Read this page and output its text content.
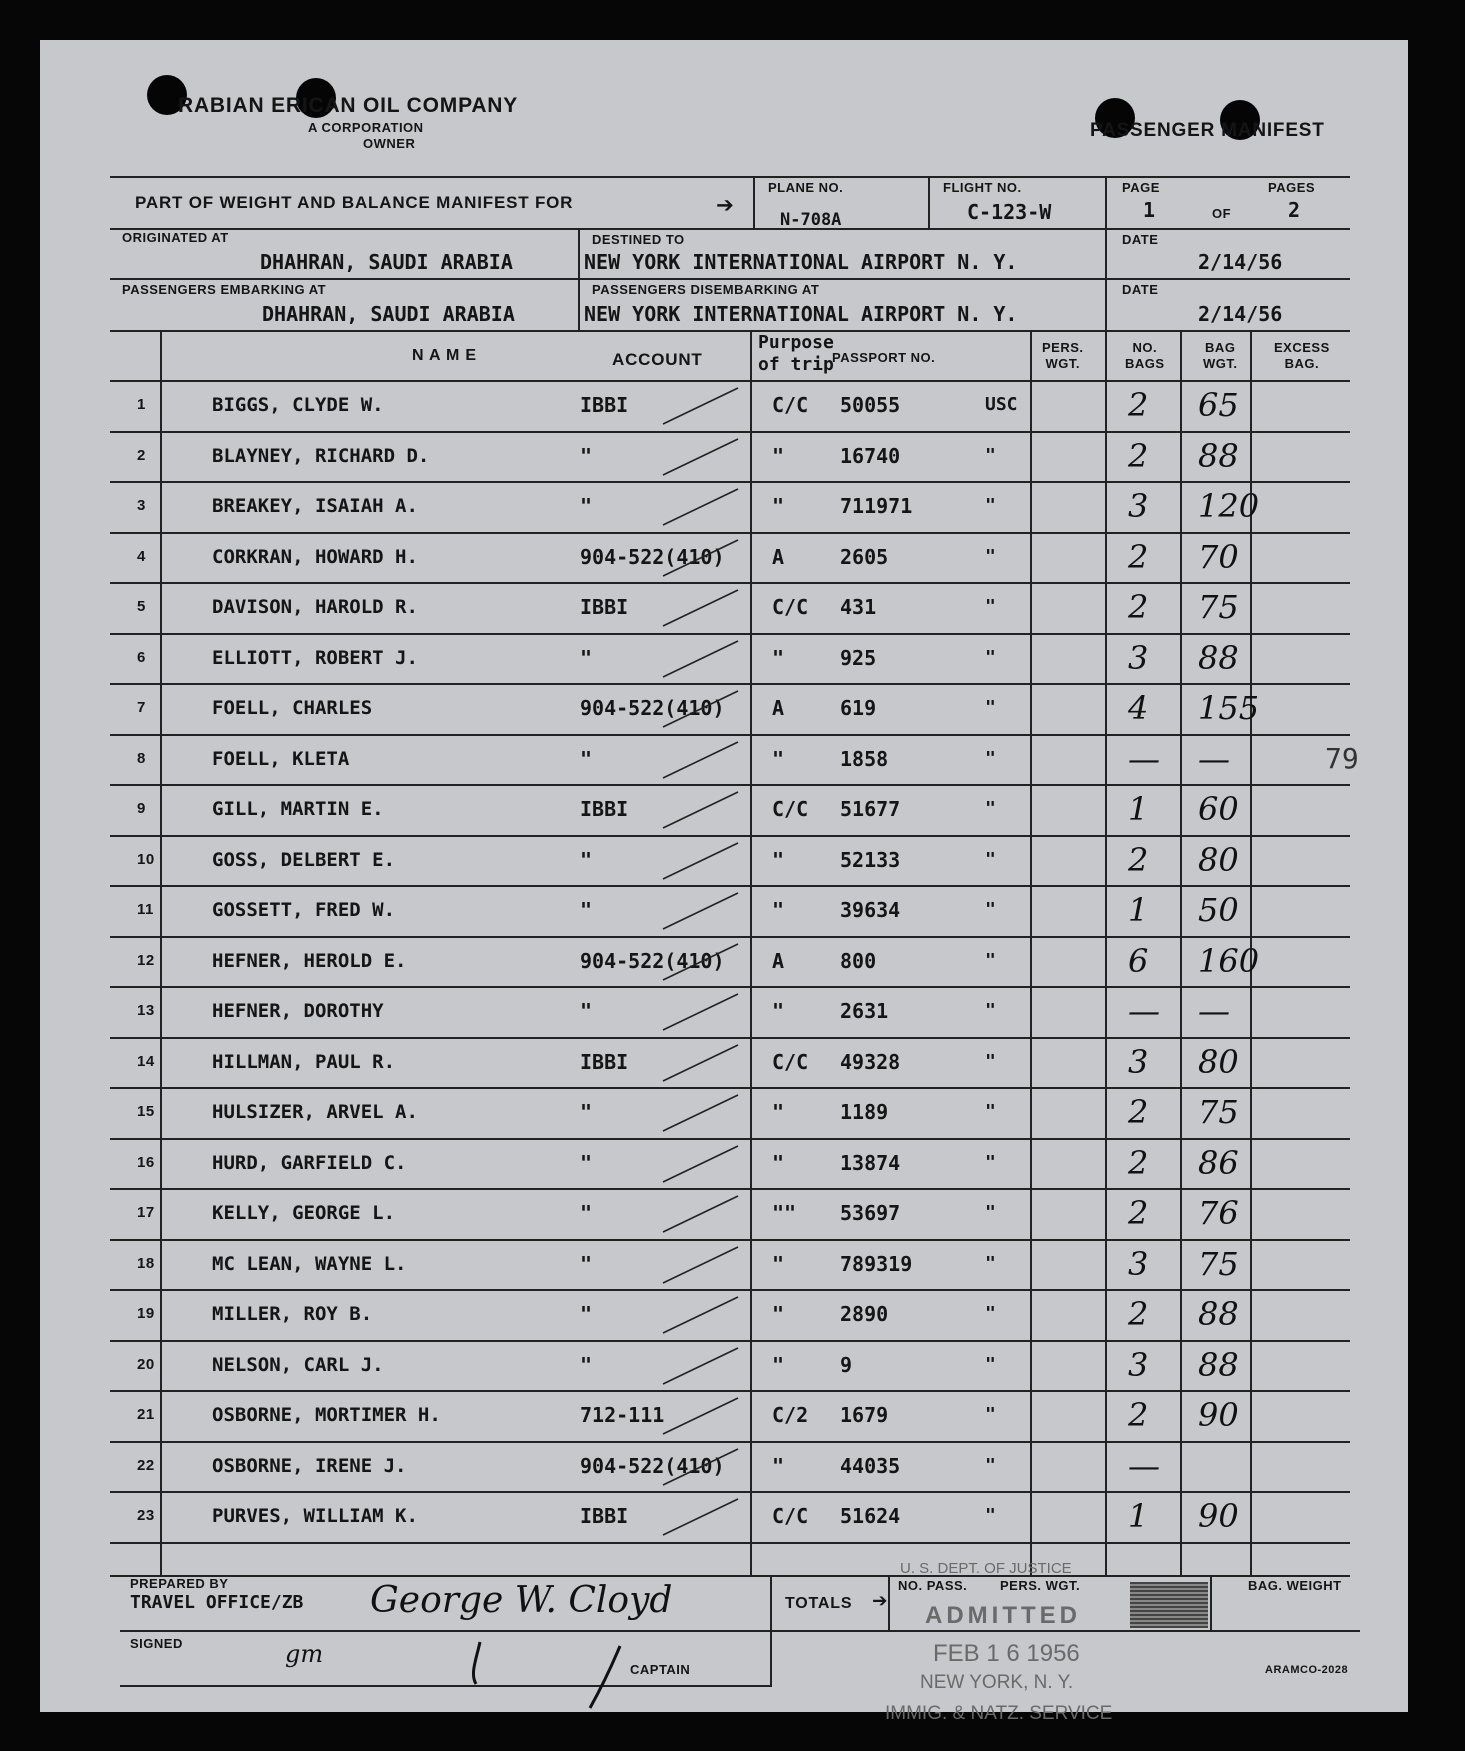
RABIAN ERICAN OIL COMPANY
A CORPORATION
OWNER
PASSENGER MANIFEST
PART OF WEIGHT AND BALANCE MANIFEST FOR	➔
PLANE NO.
N-708A
FLIGHT NO.
C-123-W
PAGE
1	OF
PAGES
2
ORIGINATED AT
DHAHRAN, SAUDI ARABIA
DESTINED TO
NEW YORK INTERNATIONAL AIRPORT N. Y.
DATE
2/14/56
PASSENGERS EMBARKING AT
DHAHRAN, SAUDI ARABIA
PASSENGERS DISEMBARKING AT
NEW YORK INTERNATIONAL AIRPORT N. Y.
DATE
2/14/56
N A M E	ACCOUNT
Purpose
of trip
PASSPORT NO.
PERS.
WGT.
NO.
BAGS
BAG
WGT.
EXCESS
BAG.
1	BIGGS, CLYDE W.	IBBI	C/C 50055	USC	2 65
2	BLAYNEY, RICHARD D.	"	"	16740	"	2 88
3	BREAKEY, ISAIAH A.	"	"	711971	"	3 120
4	CORKRAN, HOWARD H.	904-522(410) A	2605	"	2 70
5	DAVISON, HAROLD R.	IBBI	C/C 431	"	2 75
6	ELLIOTT, ROBERT J.	"	"	925	"	3 88
7	FOELL, CHARLES	904-522(410) A	619	"	4 155
8	FOELL, KLETA	"	"	1858	"	— —	79
9	GILL, MARTIN E.	IBBI	C/C 51677	"	1 60
10	GOSS, DELBERT E.	"	"	52133	"	2 80
11	GOSSETT, FRED W.	"	"	39634	"	1 50
12	HEFNER, HEROLD E.	904-522(410) A	800	"	6 160
13	HEFNER, DOROTHY	"	"	2631	"	— —
14	HILLMAN, PAUL R.	IBBI	C/C 49328	"	3 80
15	HULSIZER, ARVEL A.	"	"	1189	"	2 75
16	HURD, GARFIELD C.	"	"	13874	"	2 86
17	KELLY, GEORGE L.	"	"" 53697	"	2 76
18	MC LEAN, WAYNE L.	"	"	789319	"	3 75
19	MILLER, ROY B.	"	"	2890	"	2 88
20	NELSON, CARL J.	"	"	9	"	3 88
21	OSBORNE, MORTIMER H.	712-111	C/2 1679	"	2 90
22	OSBORNE, IRENE J.	904-522(410) "	44035	"	—
23	PURVES, WILLIAM K.	IBBI	C/C 51624	"	1 90
PREPARED BY
TRAVEL OFFICE/ZB George W. Cloyd
SIGNED	gm
CAPTAIN
TOTALS ➔
NO. PASS.	PERS. WGT.	BAG. WEIGHT
ARAMCO-2028
U. S. DEPT. OF JUSTICE
ADMITTED
FEB 1 6 1956
NEW YORK, N. Y.
IMMIG. & NATZ. SERVICE
